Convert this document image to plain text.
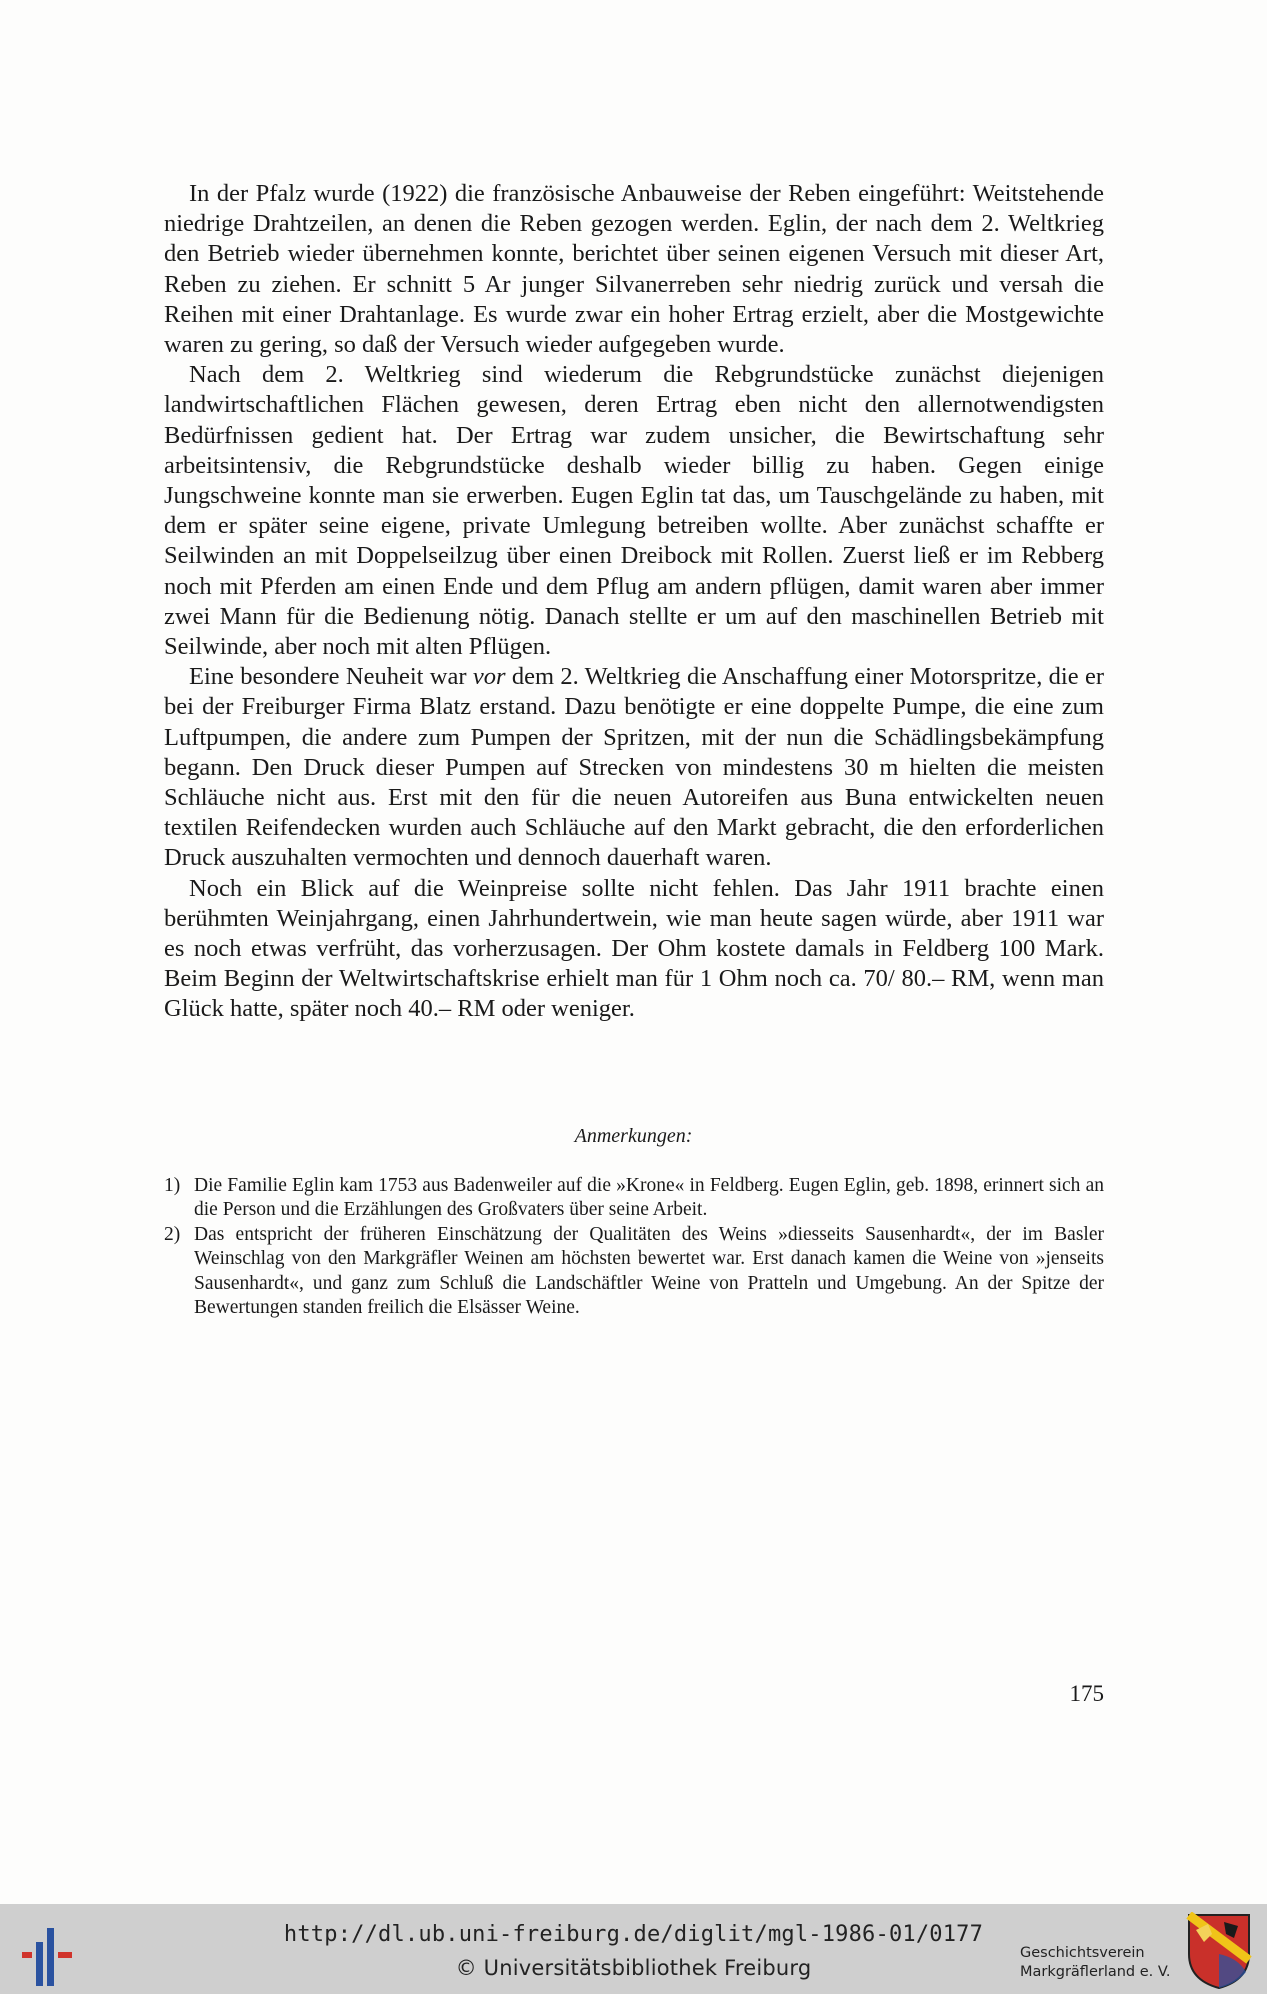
In der Pfalz wurde (1922) die französische Anbauweise der Reben eingeführt: Weitstehende niedrige Drahtzeilen, an denen die Reben gezogen werden. Eglin, der nach dem 2. Weltkrieg den Betrieb wieder übernehmen konnte, berichtet über seinen eigenen Versuch mit dieser Art, Reben zu ziehen. Er schnitt 5 Ar junger Silvanerreben sehr niedrig zurück und versah die Reihen mit einer Drahtanlage. Es wurde zwar ein hoher Ertrag erzielt, aber die Mostgewichte waren zu gering, so daß der Versuch wieder aufgegeben wurde.

Nach dem 2. Weltkrieg sind wiederum die Rebgrundstücke zunächst diejenigen landwirtschaftlichen Flächen gewesen, deren Ertrag eben nicht den allernotwendigsten Bedürfnissen gedient hat. Der Ertrag war zudem unsicher, die Bewirtschaftung sehr arbeitsintensiv, die Rebgrundstücke deshalb wieder billig zu haben. Gegen einige Jungschweine konnte man sie erwerben. Eugen Eglin tat das, um Tauschgelände zu haben, mit dem er später seine eigene, private Umlegung betreiben wollte. Aber zunächst schaffte er Seilwinden an mit Doppelseilzug über einen Dreibock mit Rollen. Zuerst ließ er im Rebberg noch mit Pferden am einen Ende und dem Pflug am andern pflügen, damit waren aber immer zwei Mann für die Bedienung nötig. Danach stellte er um auf den maschinellen Betrieb mit Seilwinde, aber noch mit alten Pflügen.

Eine besondere Neuheit war vor dem 2. Weltkrieg die Anschaffung einer Motorspritze, die er bei der Freiburger Firma Blatz erstand. Dazu benötigte er eine doppelte Pumpe, die eine zum Luftpumpen, die andere zum Pumpen der Spritzen, mit der nun die Schädlingsbekämpfung begann. Den Druck dieser Pumpen auf Strecken von mindestens 30 m hielten die meisten Schläuche nicht aus. Erst mit den für die neuen Autoreifen aus Buna entwickelten neuen textilen Reifendecken wurden auch Schläuche auf den Markt gebracht, die den erforderlichen Druck auszuhalten vermochten und dennoch dauerhaft waren.

Noch ein Blick auf die Weinpreise sollte nicht fehlen. Das Jahr 1911 brachte einen berühmten Weinjahrgang, einen Jahrhundertwein, wie man heute sagen würde, aber 1911 war es noch etwas verfrüht, das vorherzusagen. Der Ohm kostete damals in Feldberg 100 Mark. Beim Beginn der Weltwirtschaftskrise erhielt man für 1 Ohm noch ca. 70/ 80.– RM, wenn man Glück hatte, später noch 40.– RM oder weniger.

Anmerkungen:

1) Die Familie Eglin kam 1753 aus Badenweiler auf die »Krone« in Feldberg. Eugen Eglin, geb. 1898, erinnert sich an die Person und die Erzählungen des Großvaters über seine Arbeit.
2) Das entspricht der früheren Einschätzung der Qualitäten des Weins »diesseits Sausenhardt«, der im Basler Weinschlag von den Markgräfler Weinen am höchsten bewertet war. Erst danach kamen die Weine von »jenseits Sausenhardt«, und ganz zum Schluß die Landschäftler Weine von Pratteln und Umgebung. An der Spitze der Bewertungen standen freilich die Elsässer Weine.

175

http://dl.ub.uni-freiburg.de/diglit/mgl-1986-01/0177

© Universitätsbibliothek Freiburg

Geschichtsverein
Markgräflerland e. V.
